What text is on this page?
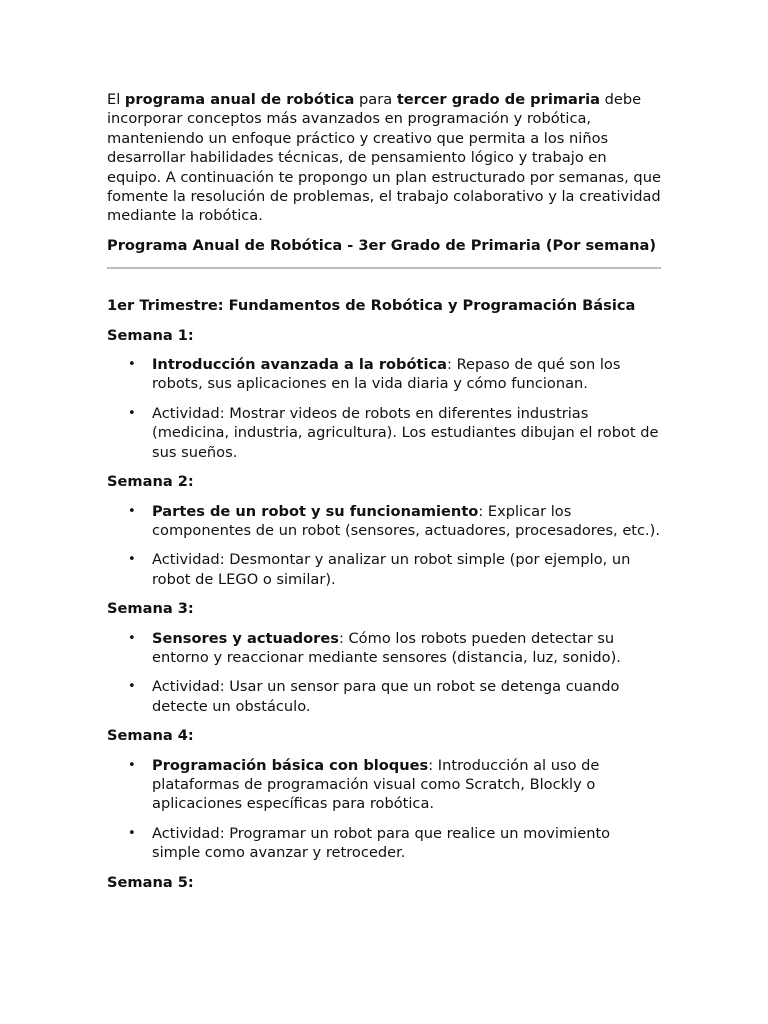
El programa anual de robótica para tercer grado de primaria debe incorporar conceptos más avanzados en programación y robótica, manteniendo un enfoque práctico y creativo que permita a los niños desarrollar habilidades técnicas, de pensamiento lógico y trabajo en equipo. A continuación te propongo un plan estructurado por semanas, que fomente la resolución de problemas, el trabajo colaborativo y la creatividad mediante la robótica.

Programa Anual de Robótica - 3er Grado de Primaria (Por semana)

1er Trimestre: Fundamentos de Robótica y Programación Básica

Semana 1:

• Introducción avanzada a la robótica: Repaso de qué son los robots, sus aplicaciones en la vida diaria y cómo funcionan.
• Actividad: Mostrar videos de robots en diferentes industrias (medicina, industria, agricultura). Los estudiantes dibujan el robot de sus sueños.

Semana 2:

• Partes de un robot y su funcionamiento: Explicar los componentes de un robot (sensores, actuadores, procesadores, etc.).
• Actividad: Desmontar y analizar un robot simple (por ejemplo, un robot de LEGO o similar).

Semana 3:

• Sensores y actuadores: Cómo los robots pueden detectar su entorno y reaccionar mediante sensores (distancia, luz, sonido).
• Actividad: Usar un sensor para que un robot se detenga cuando detecte un obstáculo.

Semana 4:

• Programación básica con bloques: Introducción al uso de plataformas de programación visual como Scratch, Blockly o aplicaciones específicas para robótica.
• Actividad: Programar un robot para que realice un movimiento simple como avanzar y retroceder.

Semana 5:
